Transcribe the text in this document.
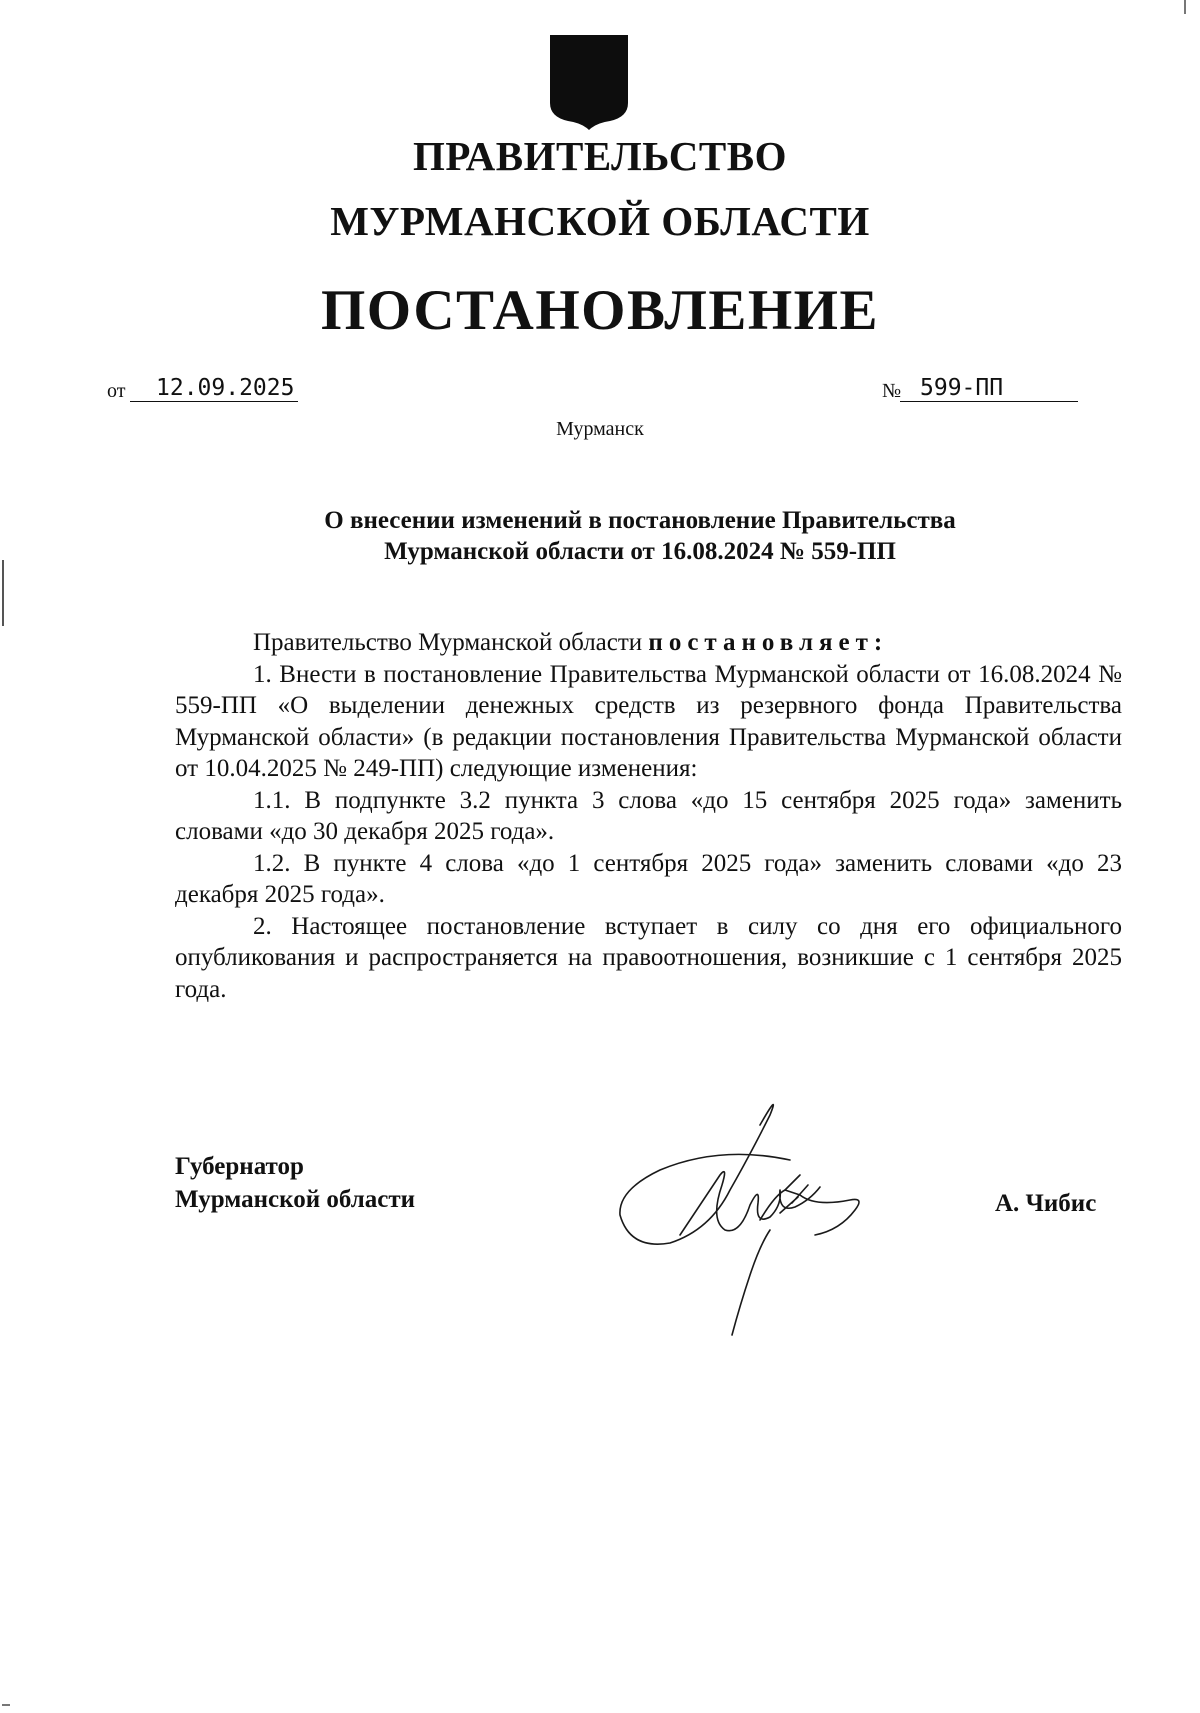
ПРАВИТЕЛЬСТВО
МУРМАНСКОЙ ОБЛАСТИ
ПОСТАНОВЛЕНИЕ
от	12.09.2025	№ 599-ПП
Мурманск
О внесении изменений в постановление Правительства
Мурманской области от 16.08.2024 № 559-ПП

Правительство Мурманской области постановляет:

1. Внести в постановление Правительства Мурманской области от 16.08.2024 № 559-ПП «О выделении денежных средств из резервного фонда Правительства Мурманской области» (в редакции постановления Правительства Мурманской области от 10.04.2025 № 249-ПП) следующие изменения:

1.1. В подпункте 3.2 пункта 3 слова «до 15 сентября 2025 года» заменить словами «до 30 декабря 2025 года».

1.2. В пункте 4 слова «до 1 сентября 2025 года» заменить словами «до 23 декабря 2025 года».

2. Настоящее постановление вступает в силу со дня его официального опубликования и распространяется на правоотношения, возникшие с 1 сентября 2025 года.

Губернатор
Мурманской области	А. Чибис
